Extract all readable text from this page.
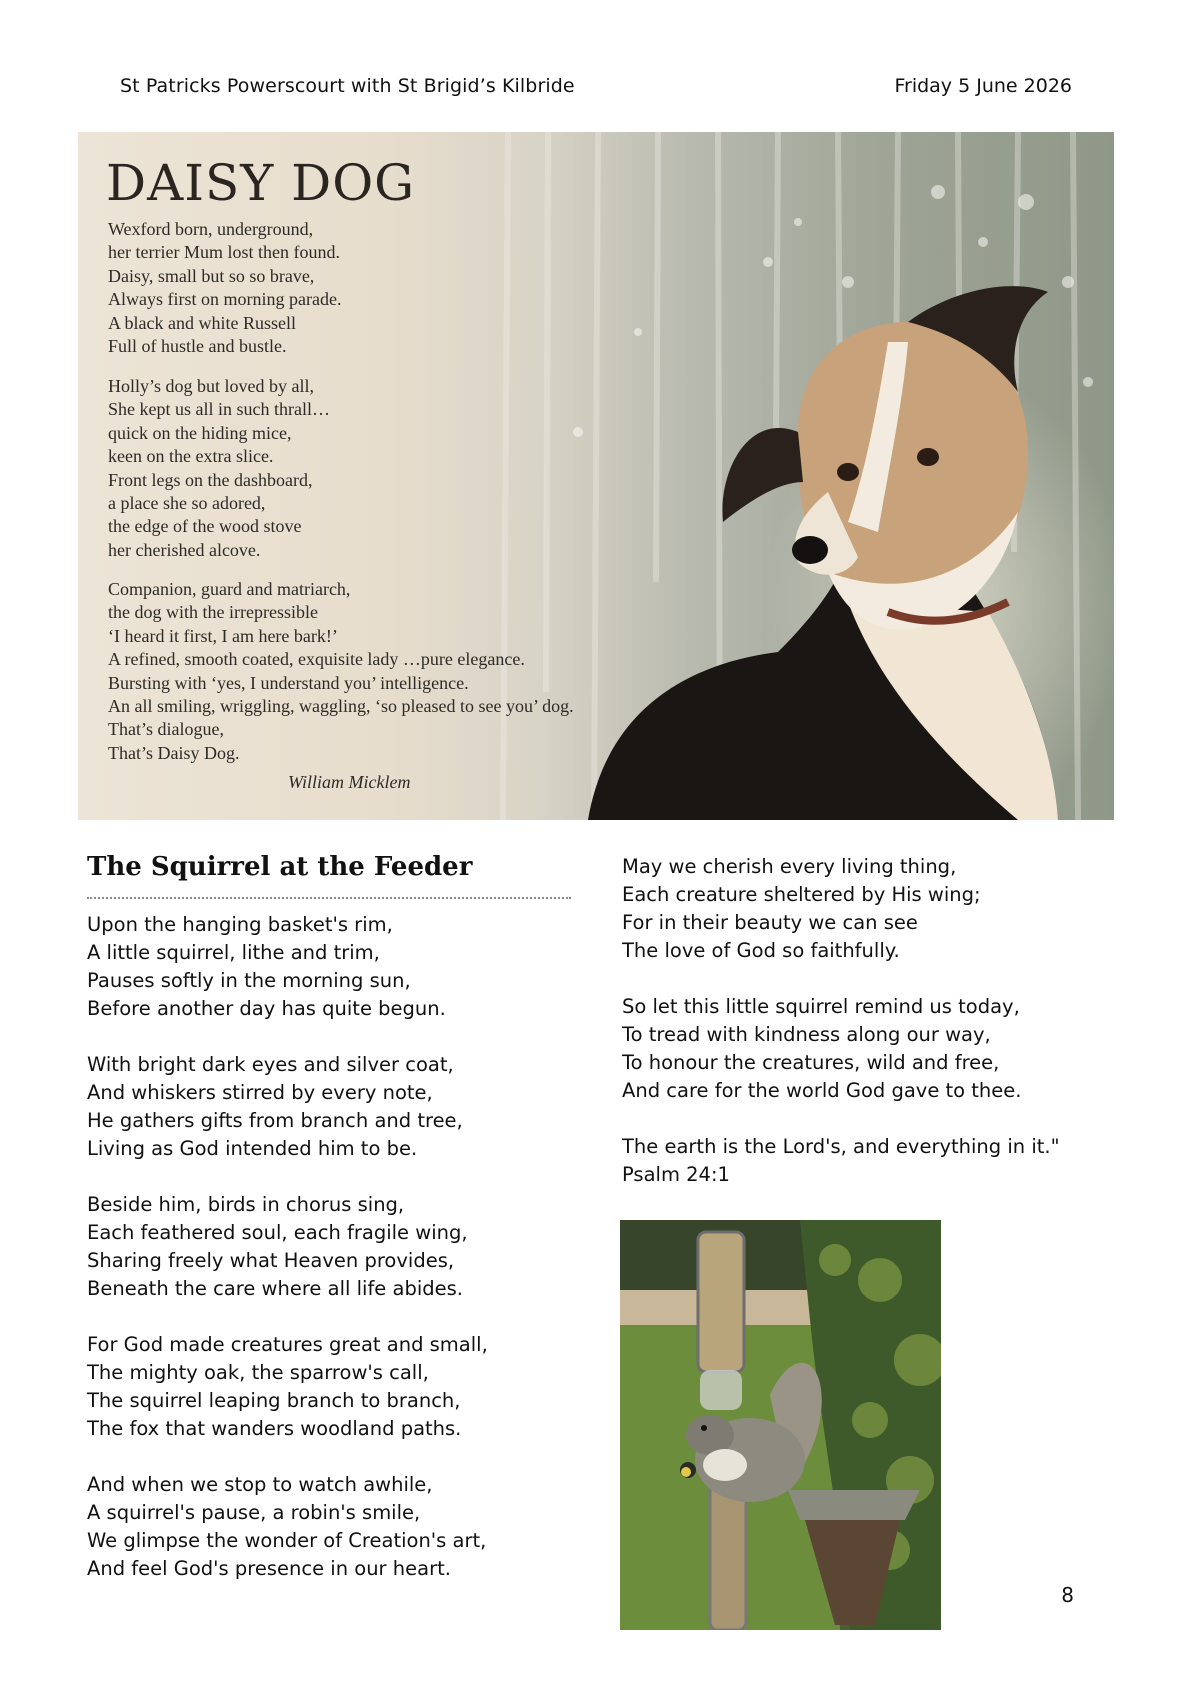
St Patricks Powerscourt with St Brigid’s Kilbride	Friday 5 June 2026
DAISY DOG

Wexford born, underground,
her terrier Mum lost then found.
Daisy, small but so so brave,
Always first on morning parade.
A black and white Russell
Full of hustle and bustle.

Holly’s dog but loved by all,
She kept us all in such thrall…
quick on the hiding mice,
keen on the extra slice.
Front legs on the dashboard,
a place she so adored,
the edge of the wood stove
her cherished alcove.

Companion, guard and matriarch,
the dog with the irrepressible
‘I heard it first, I am here bark!’
A refined, smooth coated, exquisite lady …pure elegance.
Bursting with ‘yes, I understand you’ intelligence.
An all smiling, wriggling, waggling, ‘so pleased to see you’ dog.
That’s dialogue,
That’s Daisy Dog.

William Micklem
The Squirrel at the Feeder

Upon the hanging basket's rim,
A little squirrel, lithe and trim,
Pauses softly in the morning sun,
Before another day has quite begun.

With bright dark eyes and silver coat,
And whiskers stirred by every note,
He gathers gifts from branch and tree,
Living as God intended him to be.

Beside him, birds in chorus sing,
Each feathered soul, each fragile wing,
Sharing freely what Heaven provides,
Beneath the care where all life abides.

For God made creatures great and small,
The mighty oak, the sparrow's call,
The squirrel leaping branch to branch,
The fox that wanders woodland paths.

And when we stop to watch awhile,
A squirrel's pause, a robin's smile,
We glimpse the wonder of Creation's art,
And feel God's presence in our heart.

May we cherish every living thing,
Each creature sheltered by His wing;
For in their beauty we can see
The love of God so faithfully.

So let this little squirrel remind us today,
To tread with kindness along our way,
To honour the creatures, wild and free,
And care for the world God gave to thee.

The earth is the Lord's, and everything in it."
Psalm 24:1

8
